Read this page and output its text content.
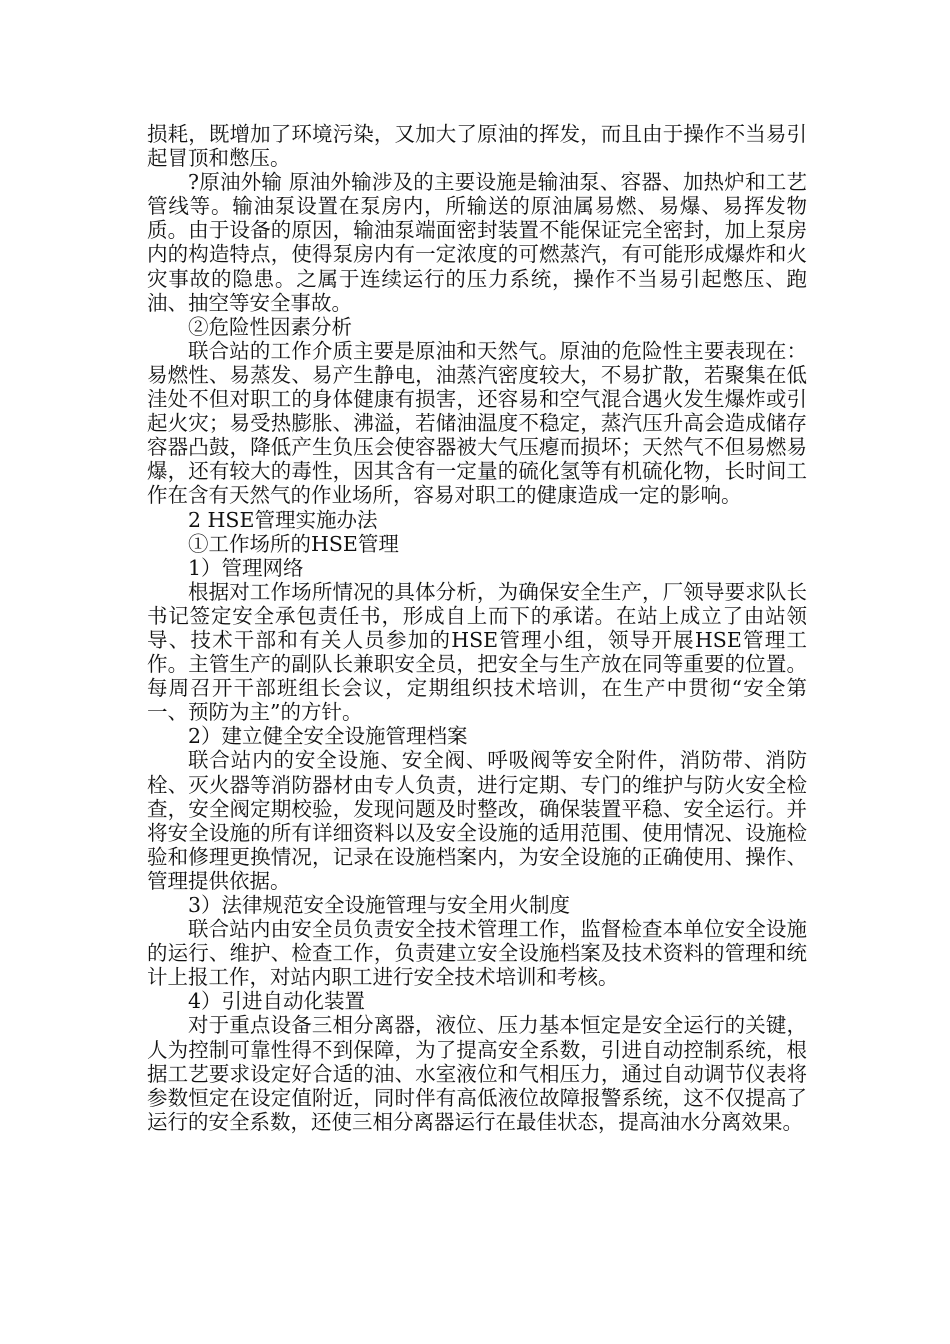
损耗，既增加了环境污染，又加大了原油的挥发，而且由于操作不当易引起冒顶和憋压。

?原油外输 原油外输涉及的主要设施是输油泵、容器、加热炉和工艺管线等。输油泵设置在泵房内，所输送的原油属易燃、易爆、易挥发物质。由于设备的原因，输油泵端面密封装置不能保证完全密封，加上泵房内的构造特点，使得泵房内有一定浓度的可燃蒸汽，有可能形成爆炸和火灾事故的隐患。之属于连续运行的压力系统，操作不当易引起憋压、跑油、抽空等安全事故。

②危险性因素分析

联合站的工作介质主要是原油和天然气。原油的危险性主要表现在：易燃性、易蒸发、易产生静电，油蒸汽密度较大，不易扩散，若聚集在低洼处不但对职工的身体健康有损害，还容易和空气混合遇火发生爆炸或引起火灾；易受热膨胀、沸溢，若储油温度不稳定，蒸汽压升高会造成储存容器凸鼓，降低产生负压会使容器被大气压瘪而损坏；天然气不但易燃易爆，还有较大的毒性，因其含有一定量的硫化氢等有机硫化物，长时间工作在含有天然气的作业场所，容易对职工的健康造成一定的影响。

2 HSE管理实施办法

①工作场所的HSE管理

1）管理网络

根据对工作场所情况的具体分析，为确保安全生产，厂领导要求队长书记签定安全承包责任书，形成自上而下的承诺。在站上成立了由站领导、技术干部和有关人员参加的HSE管理小组，领导开展HSE管理工作。主管生产的副队长兼职安全员，把安全与生产放在同等重要的位置。每周召开干部班组长会议，定期组织技术培训，在生产中贯彻“安全第一、预防为主”的方针。

2）建立健全安全设施管理档案

联合站内的安全设施、安全阀、呼吸阀等安全附件，消防带、消防栓、灭火器等消防器材由专人负责，进行定期、专门的维护与防火安全检查，安全阀定期校验，发现问题及时整改，确保装置平稳、安全运行。并将安全设施的所有详细资料以及安全设施的适用范围、使用情况、设施检验和修理更换情况，记录在设施档案内，为安全设施的正确使用、操作、管理提供依据。

3）法律规范安全设施管理与安全用火制度

联合站内由安全员负责安全技术管理工作，监督检查本单位安全设施的运行、维护、检查工作，负责建立安全设施档案及技术资料的管理和统计上报工作，对站内职工进行安全技术培训和考核。

4）引进自动化装置

对于重点设备三相分离器，液位、压力基本恒定是安全运行的关键，人为控制可靠性得不到保障，为了提高安全系数，引进自动控制系统，根据工艺要求设定好合适的油、水室液位和气相压力，通过自动调节仪表将参数恒定在设定值附近，同时伴有高低液位故障报警系统，这不仅提高了运行的安全系数，还使三相分离器运行在最佳状态，提高油水分离效果。
